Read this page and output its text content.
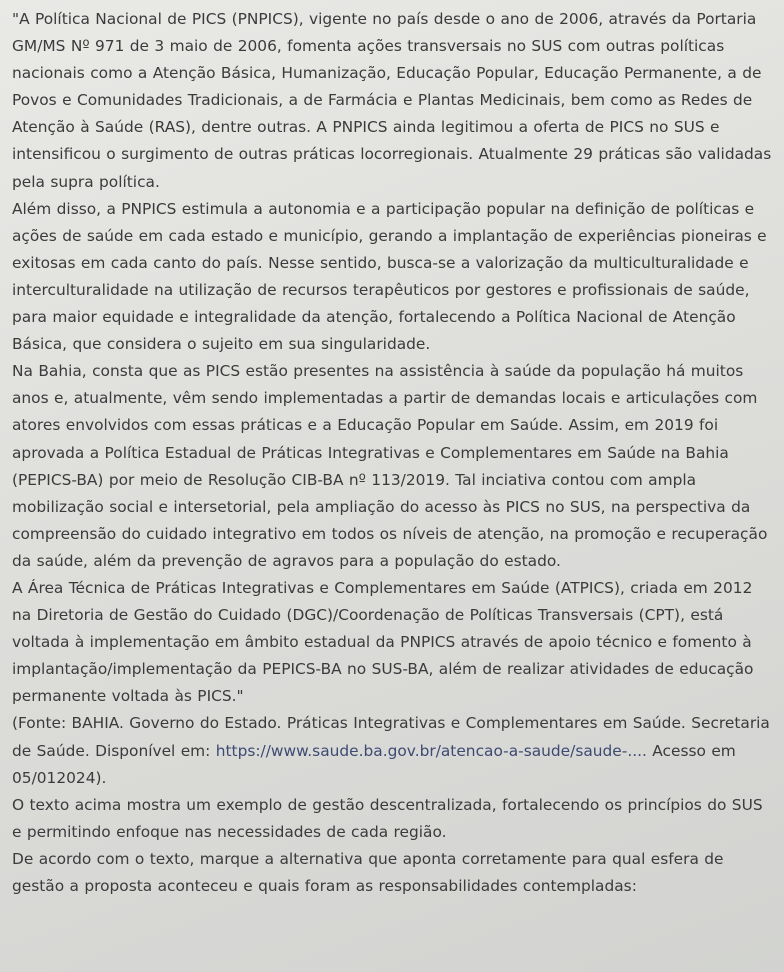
"A Política Nacional de PICS (PNPICS), vigente no país desde o ano de 2006, através da Portaria GM/MS Nº 971 de 3 maio de 2006, fomenta ações transversais no SUS com outras políticas nacionais como a Atenção Básica, Humanização, Educação Popular, Educação Permanente, a de Povos e Comunidades Tradicionais, a de Farmácia e Plantas Medicinais, bem como as Redes de Atenção à Saúde (RAS), dentre outras. A PNPICS ainda legitimou a oferta de PICS no SUS e intensificou o surgimento de outras práticas locorregionais. Atualmente 29 práticas são validadas pela supra política.

Além disso, a PNPICS estimula a autonomia e a participação popular na definição de políticas e ações de saúde em cada estado e município, gerando a implantação de experiências pioneiras e exitosas em cada canto do país. Nesse sentido, busca-se a valorização da multiculturalidade e interculturalidade na utilização de recursos terapêuticos por gestores e profissionais de saúde, para maior equidade e integralidade da atenção, fortalecendo a Política Nacional de Atenção Básica, que considera o sujeito em sua singularidade.

Na Bahia, consta que as PICS estão presentes na assistência à saúde da população há muitos anos e, atualmente, vêm sendo implementadas a partir de demandas locais e articulações com atores envolvidos com essas práticas e a Educação Popular em Saúde. Assim, em 2019 foi aprovada a Política Estadual de Práticas Integrativas e Complementares em Saúde na Bahia (PEPICS-BA) por meio de Resolução CIB-BA nº 113/2019. Tal inciativa contou com ampla mobilização social e intersetorial, pela ampliação do acesso às PICS no SUS, na perspectiva da compreensão do cuidado integrativo em todos os níveis de atenção, na promoção e recuperação da saúde, além da prevenção de agravos para a população do estado.

A Área Técnica de Práticas Integrativas e Complementares em Saúde (ATPICS), criada em 2012 na Diretoria de Gestão do Cuidado (DGC)/Coordenação de Políticas Transversais (CPT), está voltada à implementação em âmbito estadual da PNPICS através de apoio técnico e fomento à implantação/implementação da PEPICS-BA no SUS-BA, além de realizar atividades de educação permanente voltada às PICS."

(Fonte: BAHIA. Governo do Estado. Práticas Integrativas e Complementares em Saúde. Secretaria de Saúde. Disponível em: https://www.saude.ba.gov.br/atencao-a-saude/saude-.... Acesso em 05/012024).

O texto acima mostra um exemplo de gestão descentralizada, fortalecendo os princípios do SUS e permitindo enfoque nas necessidades de cada região.

De acordo com o texto, marque a alternativa que aponta corretamente para qual esfera de gestão a proposta aconteceu e quais foram as responsabilidades contempladas:
